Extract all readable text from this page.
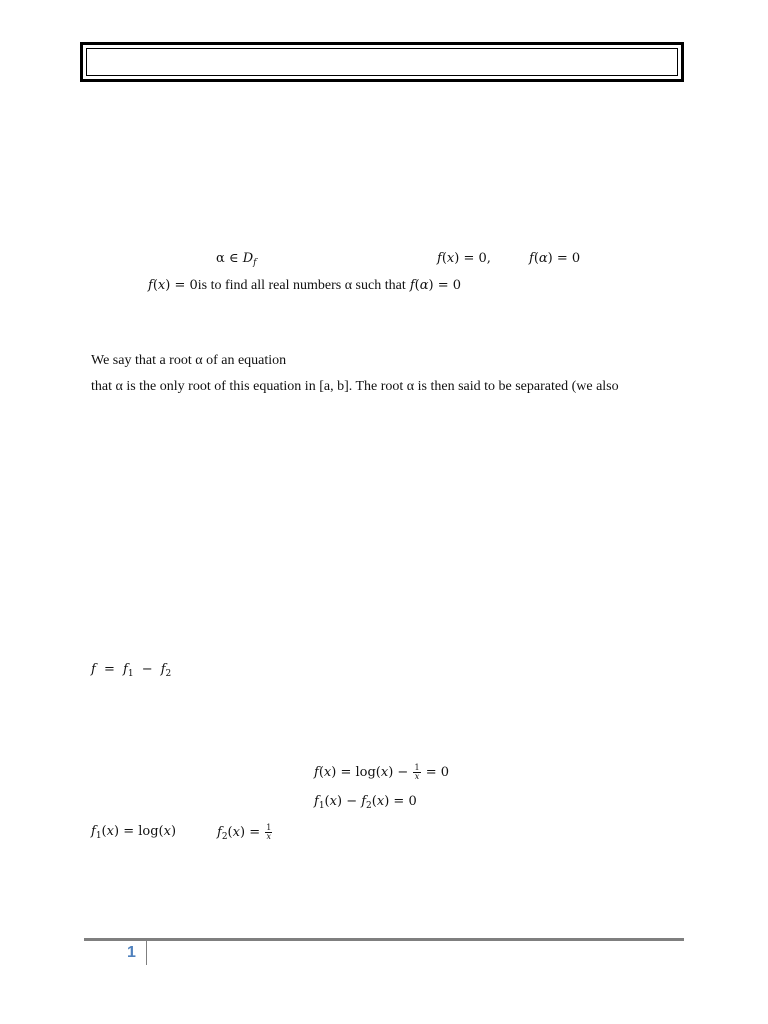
α ∈ $D_f$	f(x) = 0,	f(α) = 0
f(x) = 0is to find all real numbers α such that f(α) = 0
We say that a root α of an equation
that α is the only root of this equation in [a, b]. The root α is then said to be separated (we also
$f = f_1 - f_2$
$f(x) = \log(x) - \frac{1}{x} = 0$
$f_1(x) - f_2(x) = 0$
$f_1(x) = \log(x)$	$f_2(x) = \frac{1}{x}$
1
